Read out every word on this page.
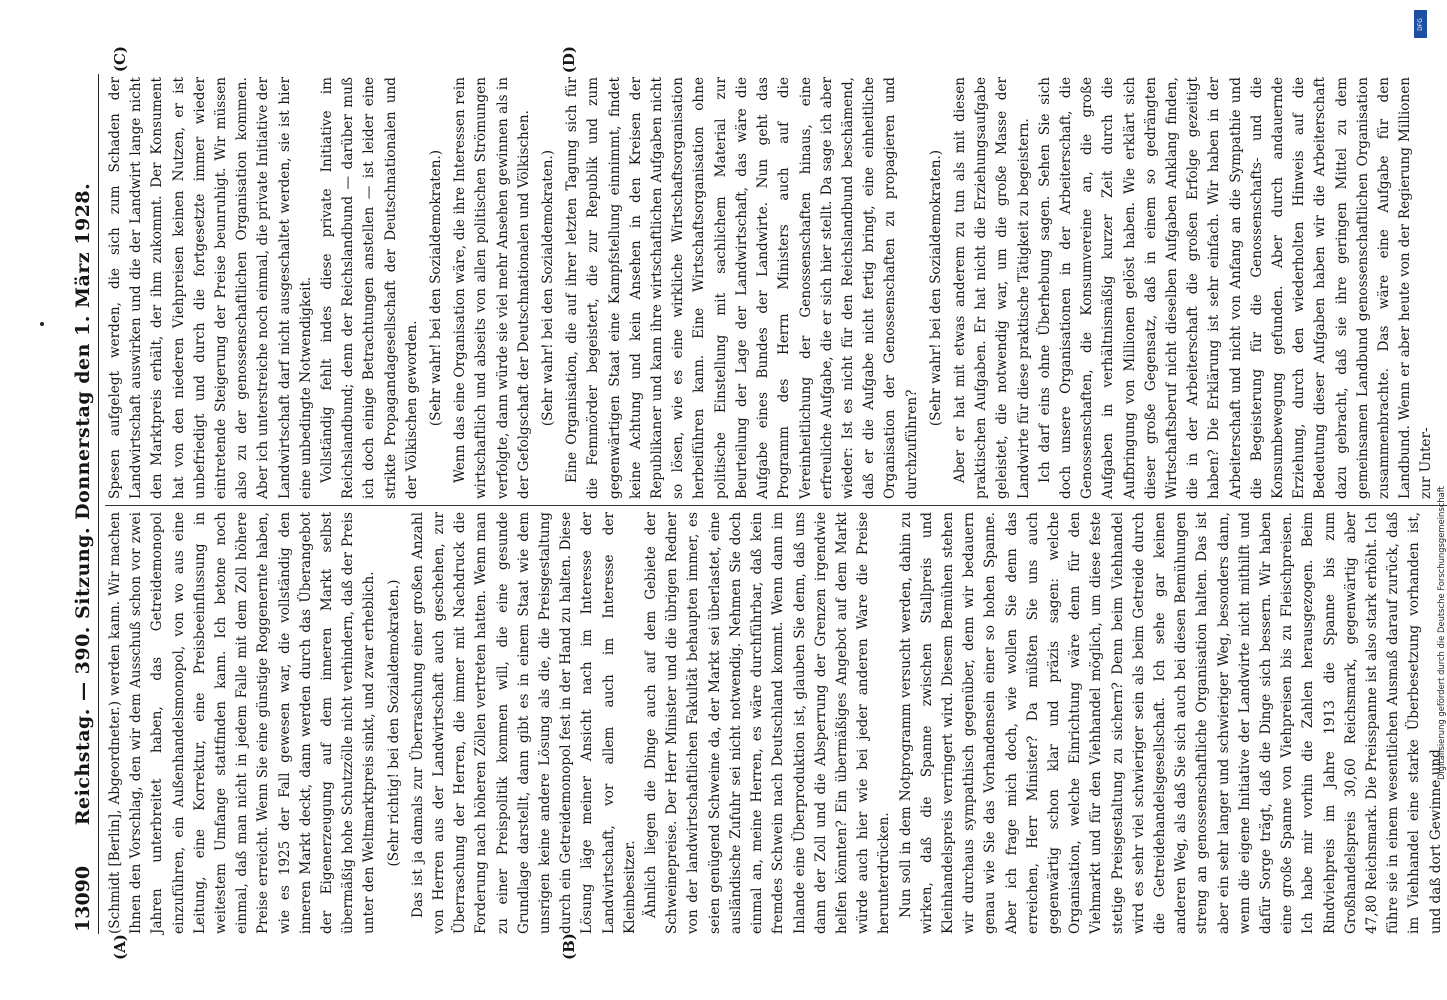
13090
Reichstag. — 390. Sitzung. Donnerstag den 1. März 1928.
(A)	(B)
(C)	(D)

(Schmidt [Berlin], Abgeordneter.) werden kann. Wir machen Ihnen den Vorschlag, den wir dem Ausschuß schon vor zwei Jahren unterbreitet haben, das Getreidemonopol einzuführen, ein Außenhandelsmonopol, von wo aus eine Leitung, eine Korrektur, eine Preisbeeinflussung in weitestem Umfange stattfinden kann. Ich betone noch einmal, daß man nicht in jedem Falle mit dem Zoll höhere Preise erreicht. Wenn Sie eine günstige Roggenernte haben, wie es 1925 der Fall gewesen war, die vollständig den inneren Markt deckt, dann werden durch das Überangebot der Eigenerzeugung auf dem inneren Markt selbst übermäßig hohe Schutzzölle nicht verhindern, daß der Preis unter den Weltmarktpreis sinkt, und zwar erheblich. (Sehr richtig! bei den Sozialdemokraten.) Das ist ja damals zur Überraschung einer großen Anzahl von Herren aus der Landwirtschaft auch geschehen, zur Überraschung der Herren, die immer mit Nachdruck die Forderung nach höheren Zöllen vertreten hatten. Wenn man zu einer Preispolitik kommen will, die eine gesunde Grundlage darstellt, dann gibt es in einem Staat wie dem unsrigen keine andere Lösung als die, die Preisgestaltung durch ein Getreidemonopol fest in der Hand zu halten. Diese Lösung läge meiner Ansicht nach im Interesse der Landwirtschaft, vor allem auch im Interesse der Kleinbesitzer. Ähnlich liegen die Dinge auch auf dem Gebiete der Schweinepreise. Der Herr Minister und die übrigen Redner von der landwirtschaftlichen Fakultät behaupten immer, es seien genügend Schweine da, der Markt sei überlastet, eine ausländische Zufuhr sei nicht notwendig. Nehmen Sie doch einmal an, meine Herren, es wäre durchführbar, daß kein fremdes Schwein nach Deutschland kommt. Wenn dann im Inlande eine Überproduktion ist, glauben Sie denn, daß uns dann der Zoll und die Absperrung der Grenzen irgendwie helfen könnten? Ein übermäßiges Angebot auf dem Markt würde auch hier wie bei jeder anderen Ware die Preise herunterdrücken. Nun soll in dem Notprogramm versucht werden, dahin zu wirken, daß die Spanne zwischen Stallpreis und Kleinhandelspreis verringert wird. Diesem Bemühen stehen wir durchaus sympathisch gegenüber, denn wir bedauern genau wie Sie das Vorhandensein einer so hohen Spanne. Aber ich frage mich doch, wie wollen Sie denn das erreichen, Herr Minister? Da müßten Sie uns auch gegenwärtig schon klar und präzis sagen: welche Organisation, welche Einrichtung wäre denn für den Viehmarkt und für den Viehhandel möglich, um diese feste stetige Preisgestaltung zu sichern? Denn beim Viehhandel wird es sehr viel schwieriger sein als beim Getreide durch die Getreidehandelsgesellschaft. Ich sehe gar keinen anderen Weg, als daß Sie sich auch bei diesen Bemühungen streng an genossenschaftliche Organisation halten. Das ist aber ein sehr langer und schwieriger Weg, besonders dann, wenn die eigene Initiative der Landwirte nicht mithilft und dafür Sorge trägt, daß die Dinge sich bessern. Wir haben eine große Spanne von Viehpreisen bis zu Fleischpreisen. Ich habe mir vorhin die Zahlen herausgezogen. Beim Rindviehpreis im Jahre 1913 die Spanne bis zum Großhandelspreis 30,60 Reichsmark, gegenwärtig aber 47,80 Reichsmark. Die Preisspanne ist also stark erhöht. Ich führe sie in einem wesentlichen Ausmaß darauf zurück, daß im Viehhandel eine starke Überbesetzung vorhanden ist, und daß dort Gewinne und

Spesen aufgelegt werden, die sich zum Schaden der Landwirtschaft auswirken und die der Landwirt lange nicht den Marktpreis erhält, der ihm zukommt. Der Konsument hat von den niederen Viehpreisen keinen Nutzen, er ist unbefriedigt und durch die fortgesetzte immer wieder eintretende Steigerung der Preise beunruhigt. Wir müssen also zu der genossenschaftlichen Organisation kommen. Aber ich unterstreiche noch einmal, die private Initiative der Landwirtschaft darf nicht ausgeschaltet werden, sie ist hier eine unbedingte Notwendigkeit. Vollständig fehlt indes diese private Initiative im Reichslandbund; denn der Reichslandbund — darüber muß ich doch einige Betrachtungen anstellen — ist leider eine strikte Propagandagesellschaft der Deutschnationalen und der Völkischen geworden. (Sehr wahr! bei den Sozialdemokraten.) Wenn das eine Organisation wäre, die ihre Interessen rein wirtschaftlich und abseits von allen politischen Strömungen verfolgte, dann würde sie viel mehr Ansehen gewinnen als in der Gefolgschaft der Deutschnationalen und Völkischen. (Sehr wahr! bei den Sozialdemokraten.) Eine Organisation, die auf ihrer letzten Tagung sich für die Femmörder begeistert, die zur Republik und zum gegenwärtigen Staat eine Kampfstellung einnimmt, findet keine Achtung und kein Ansehen in den Kreisen der Republikaner und kann ihre wirtschaftlichen Aufgaben nicht so lösen, wie es eine wirkliche Wirtschaftsorganisation herbeiführen kann. Eine Wirtschaftsorganisation ohne politische Einstellung mit sachlichem Material zur Beurteilung der Lage der Landwirtschaft, das wäre die Aufgabe eines Bundes der Landwirte. Nun geht das Programm des Herrn Ministers auch auf die Vereinheitlichung der Genossenschaften hinaus, eine erfreuliche Aufgabe, die er sich hier stellt. Da sage ich aber wieder: Ist es nicht für den Reichslandbund beschämend, daß er die Aufgabe nicht fertig bringt, eine einheitliche Organisation der Genossenschaften zu propagieren und durchzuführen?

(Sehr wahr! bei den Sozialdemokraten.) Aber er hat mit etwas anderem zu tun als mit diesen praktischen Aufgaben. Er hat nicht die Erziehungsaufgabe geleistet, die notwendig war, um die große Masse der Landwirte für diese praktische Tätigkeit zu begeistern. Ich darf eins ohne Überhebung sagen. Sehen Sie sich doch unsere Organisationen in der Arbeiterschaft, die Genossenschaften, die Konsumvereine an, die große Aufgaben in verhältnismäßig kurzer Zeit durch die Aufbringung von Millionen gelöst haben. Wie erklärt sich dieser große Gegensatz, daß in einem so gedrängten Wirtschaftsberuf nicht dieselben Aufgaben Anklang finden, die in der Arbeiterschaft die großen Erfolge gezeitigt haben? Die Erklärung ist sehr einfach. Wir haben in der Arbeiterschaft und nicht von Anfang an die Sympathie und die Begeisterung für die Genossenschafts- und die Konsumbewegung gefunden. Aber durch andauernde Erziehung, durch den wiederholten Hinweis auf die Bedeutung dieser Aufgaben haben wir die Arbeiterschaft dazu gebracht, daß sie ihre geringen Mittel zu dem gemeinsamen Landbund genossenschaftlichen Organisation zusammenbrachte. Das wäre eine Aufgabe für den Landbund. Wenn er aber heute von der Regierung Millionen zur Unter-

DFG
Digitalisierung gefördert durch die Deutsche Forschungsgemeinschaft
